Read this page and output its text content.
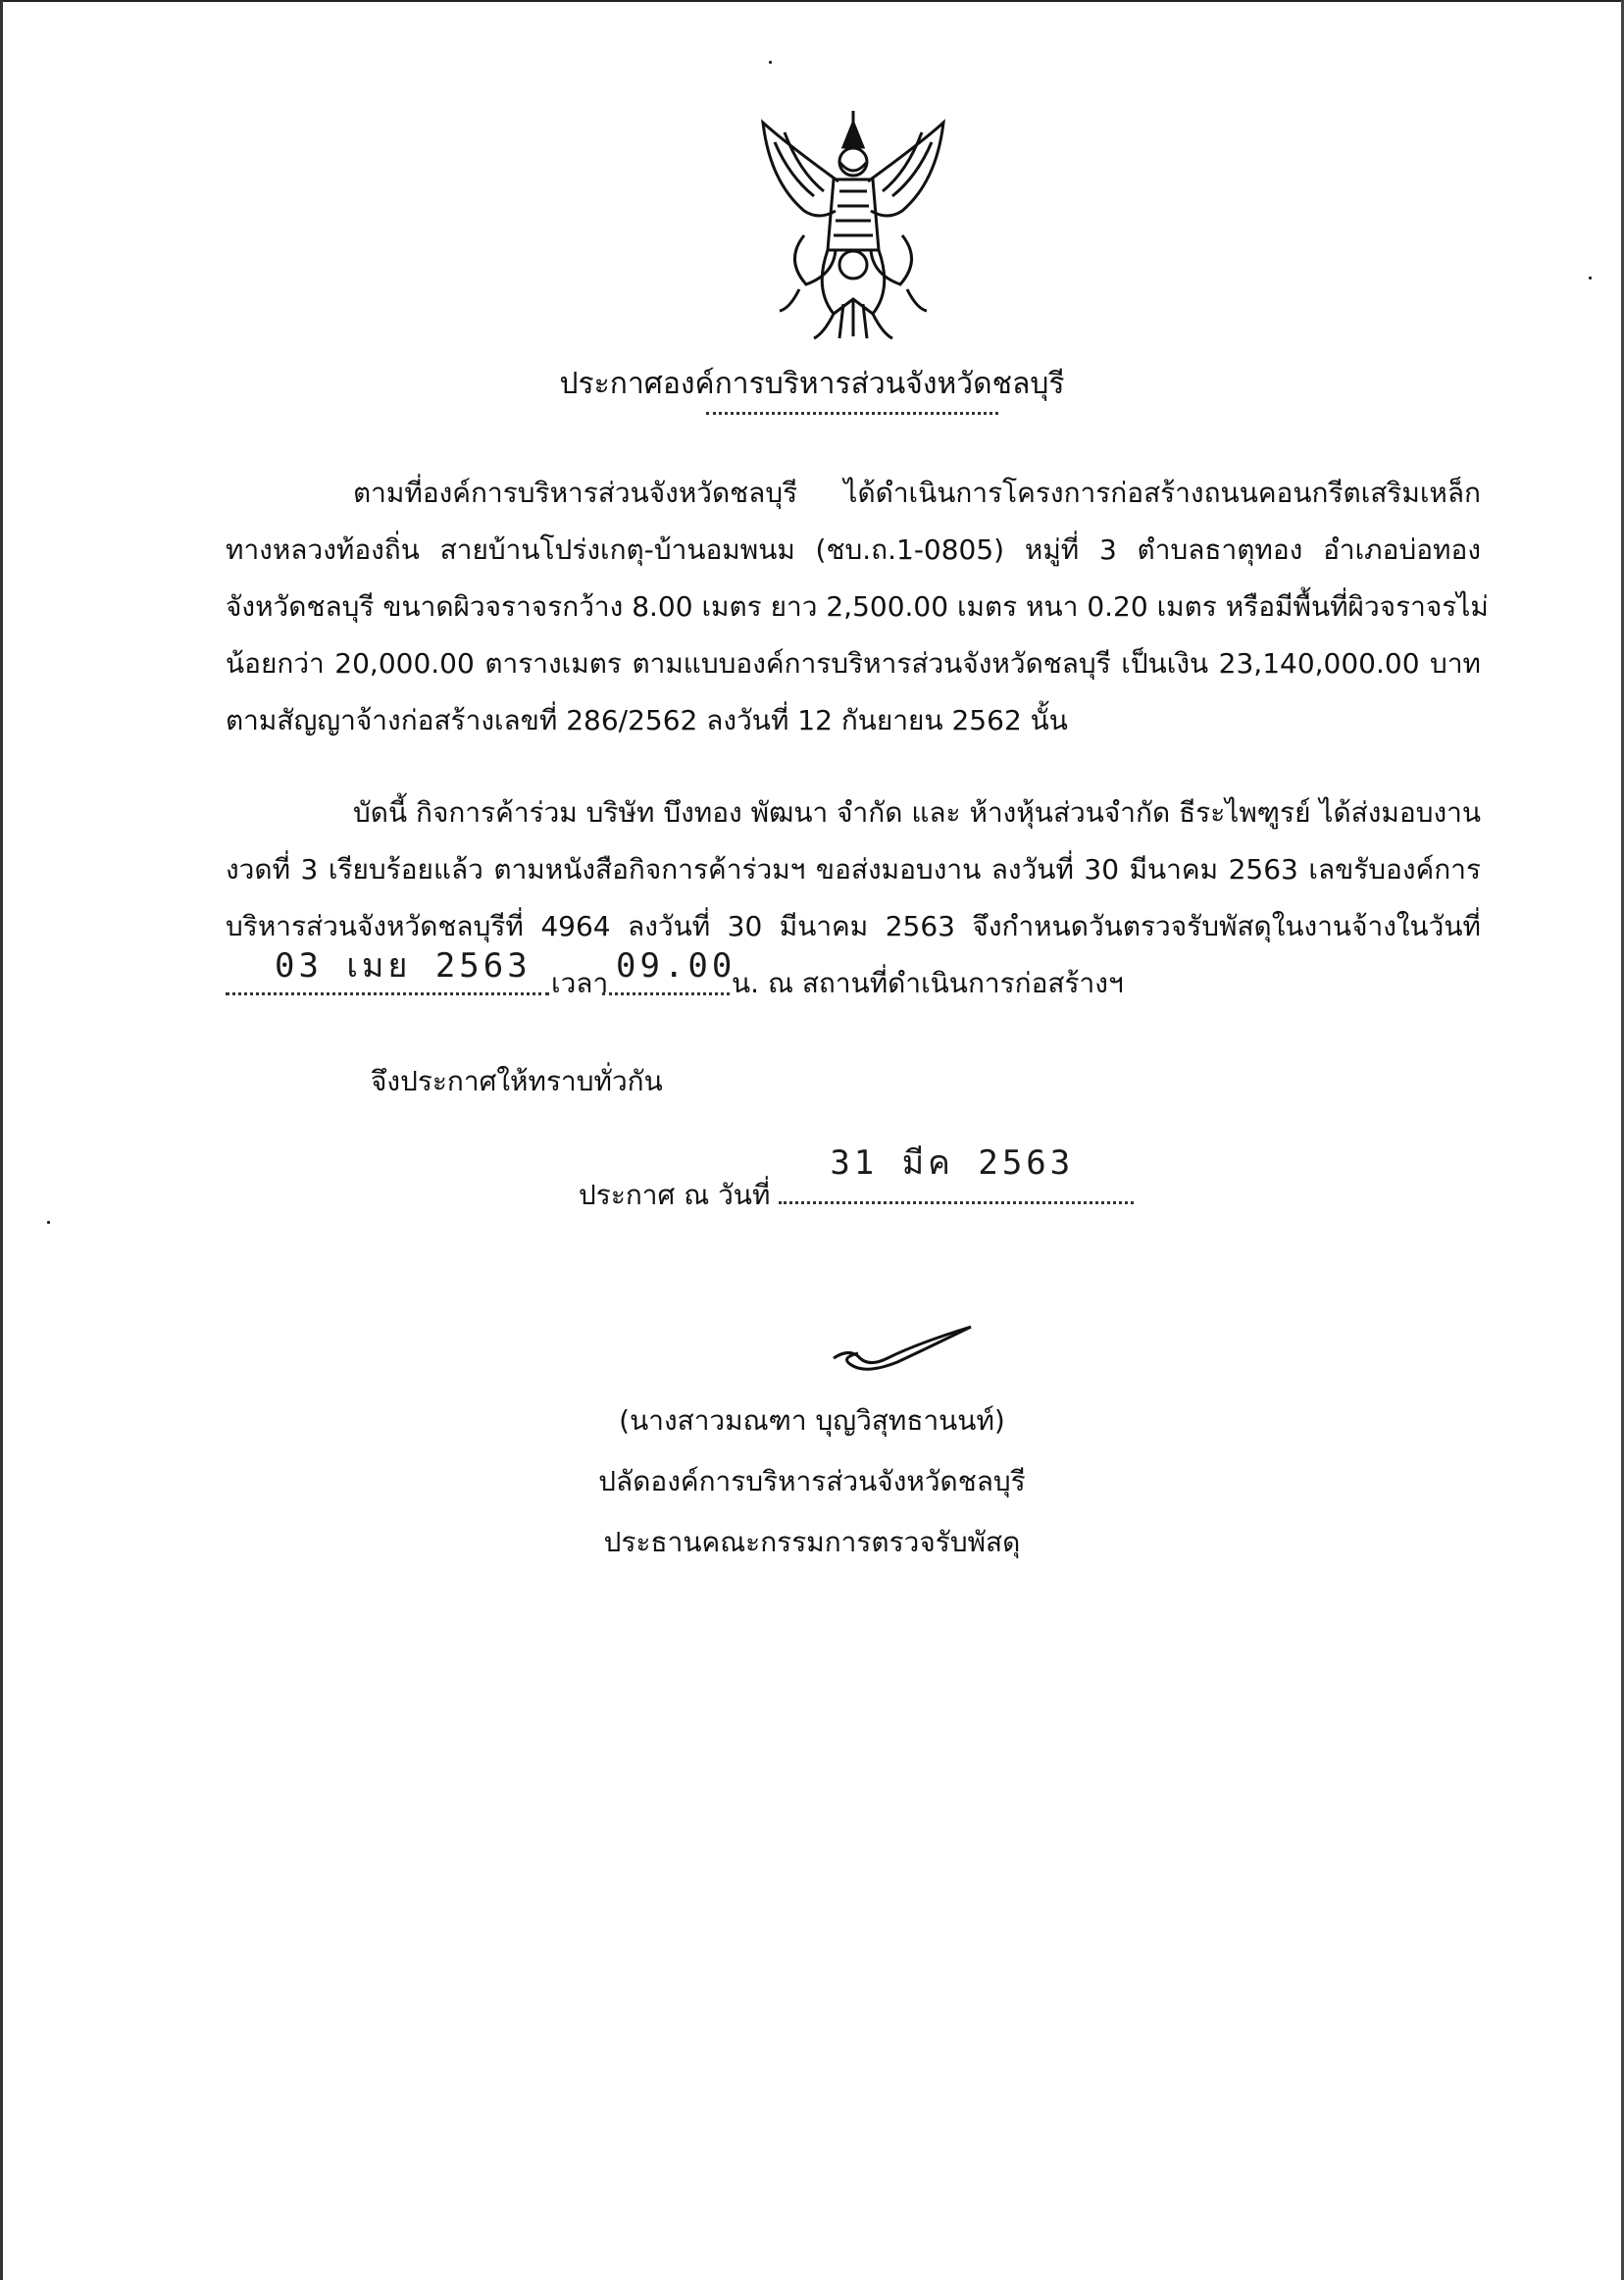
ประกาศองค์การบริหารส่วนจังหวัดชลบุรี
ตามที่องค์การบริหารส่วนจังหวัดชลบุรี ได้ดำเนินการโครงการก่อสร้างถนนคอนกรีตเสริมเหล็ก
ทางหลวงท้องถิ่น สายบ้านโปร่งเกตุ-บ้านอมพนม (ชบ.ถ.1-0805) หมู่ที่ 3 ตำบลธาตุทอง อำเภอบ่อทอง
จังหวัดชลบุรี ขนาดผิวจราจรกว้าง 8.00 เมตร ยาว 2,500.00 เมตร หนา 0.20 เมตร หรือมีพื้นที่ผิวจราจรไม่
น้อยกว่า 20,000.00 ตารางเมตร ตามแบบองค์การบริหารส่วนจังหวัดชลบุรี เป็นเงิน 23,140,000.00 บาท
ตามสัญญาจ้างก่อสร้างเลขที่ 286/2562 ลงวันที่ 12 กันยายน 2562 นั้น
บัดนี้ กิจการค้าร่วม บริษัท บึงทอง พัฒนา จำกัด และ ห้างหุ้นส่วนจำกัด ธีระไพฑูรย์ ได้ส่งมอบงาน
งวดที่ 3 เรียบร้อยแล้ว ตามหนังสือกิจการค้าร่วมฯ ขอส่งมอบงาน ลงวันที่ 30 มีนาคม 2563 เลขรับองค์การ
บริหารส่วนจังหวัดชลบุรีที่ 4964 ลงวันที่ 30 มีนาคม 2563 จึงกำหนดวันตรวจรับพัสดุในงานจ้างในวันที่
03 เมย 2563 เวลา 09.00
น. ณ สถานที่ดำเนินการก่อสร้างฯ
จึงประกาศให้ทราบทั่วกัน
ประกาศ ณ วันที่
31 มีค 2563
(นางสาวมณฑา บุญวิสุทธานนท์)
ปลัดองค์การบริหารส่วนจังหวัดชลบุรี
ประธานคณะกรรมการตรวจรับพัสดุ
